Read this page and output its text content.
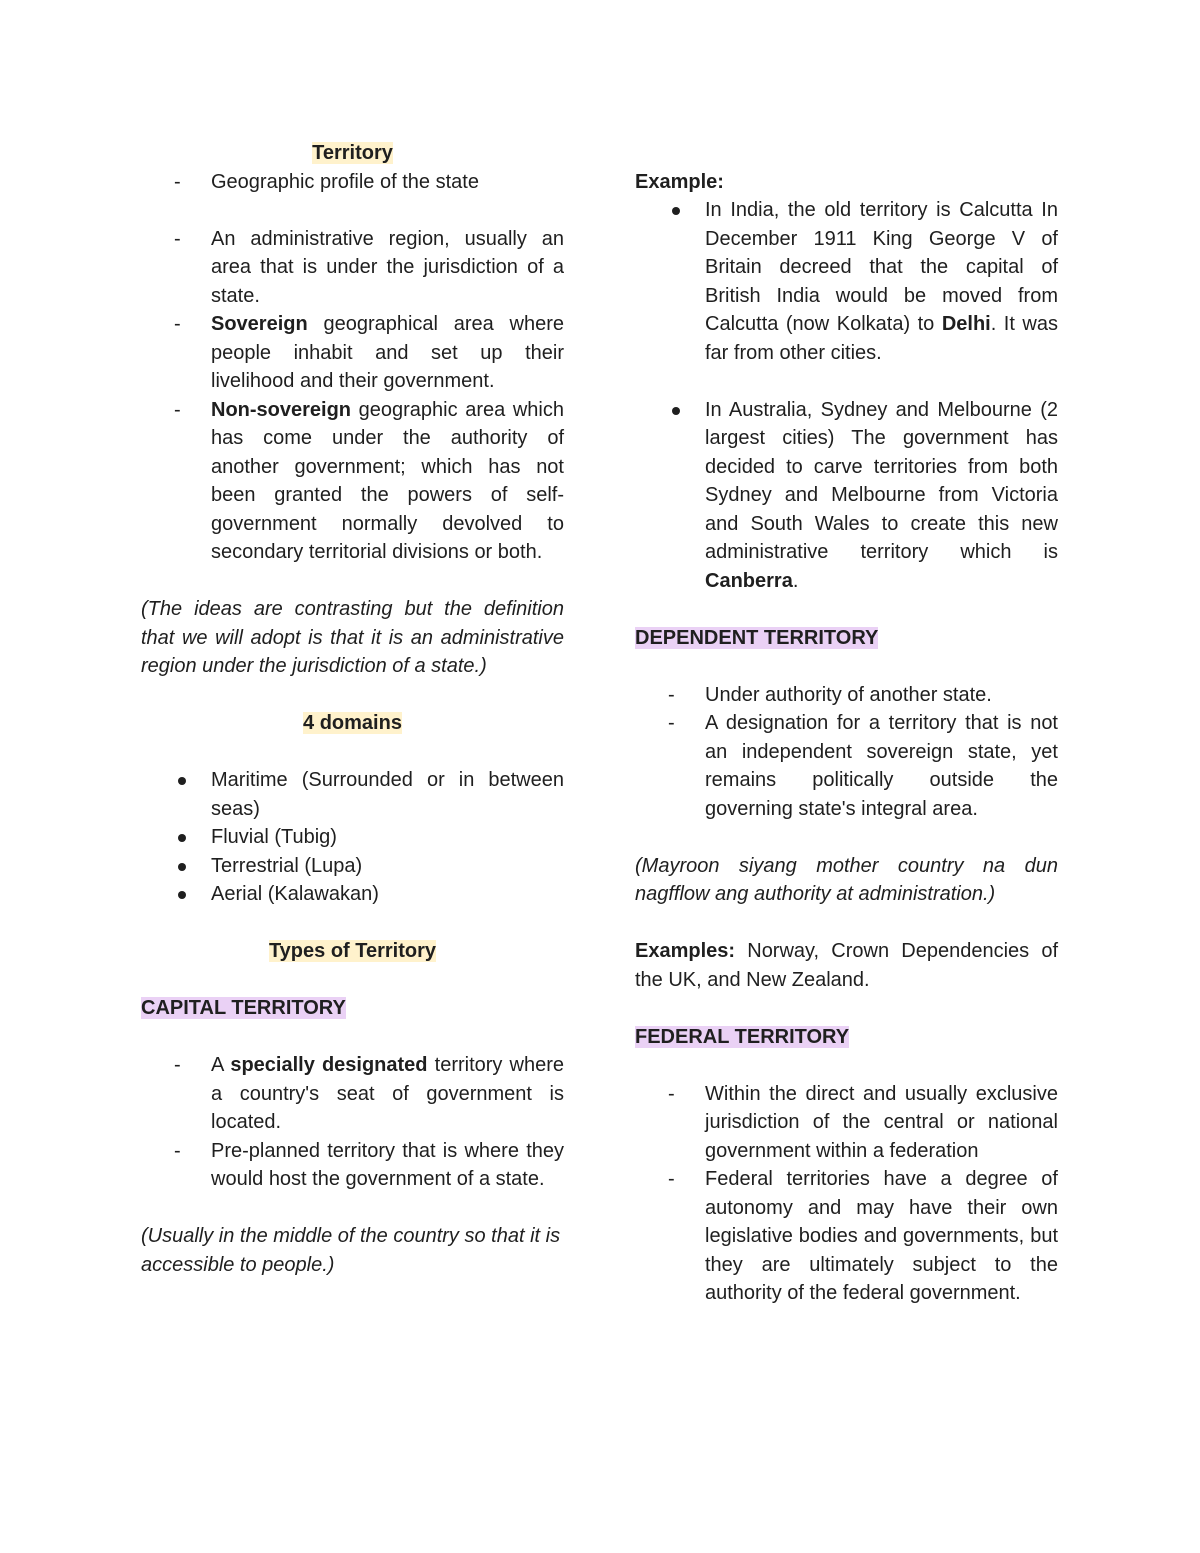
Territory

- Geographic profile of the state
- An administrative region, usually an area that is under the jurisdiction of a state.
- Sovereign geographical area where people inhabit and set up their livelihood and their government.
- Non-sovereign geographic area which has come under the authority of another government; which has not been granted the powers of self-government normally devolved to secondary territorial divisions or both.

(The ideas are contrasting but the definition that we will adopt is that it is an administrative region under the jurisdiction of a state.)

4 domains

Maritime (Surrounded or in between seas)
Fluvial (Tubig)
Terrestrial (Lupa)
Aerial (Kalawakan)

Types of Territory

CAPITAL TERRITORY

- A specially designated territory where a country's seat of government is located.
- Pre-planned territory that is where they would host the government of a state.

(Usually in the middle of the country so that it is accessible to people.)

Example:

In India, the old territory is Calcutta In December 1911 King George V of Britain decreed that the capital of British India would be moved from Calcutta (now Kolkata) to Delhi. It was far from other cities.
In Australia, Sydney and Melbourne (2 largest cities) The government has decided to carve territories from both Sydney and Melbourne from Victoria and South Wales to create this new administrative territory which is Canberra.

DEPENDENT TERRITORY

- Under authority of another state.
- A designation for a territory that is not an independent sovereign state, yet remains politically outside the governing state's integral area.

(Mayroon siyang mother country na dun nagfflow ang authority at administration.)

Examples: Norway, Crown Dependencies of the UK, and New Zealand.

FEDERAL TERRITORY

- Within the direct and usually exclusive jurisdiction of the central or national government within a federation
- Federal territories have a degree of autonomy and may have their own legislative bodies and governments, but they are ultimately subject to the authority of the federal government.
